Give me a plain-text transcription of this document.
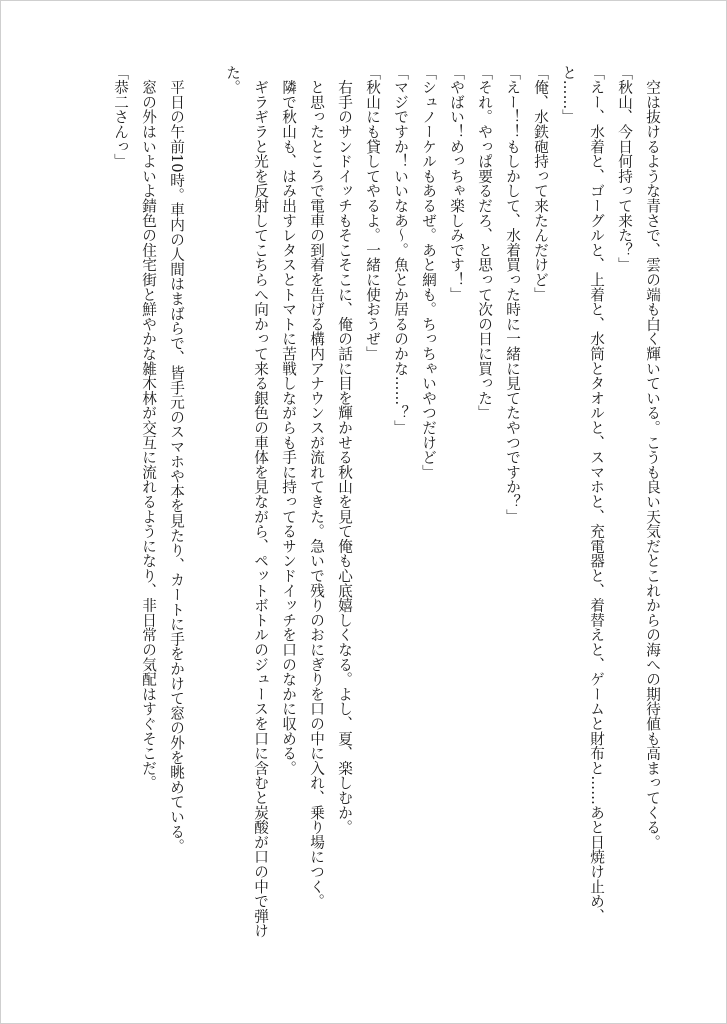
　空は抜けるような青さで、雲の端も白く輝いている。こうも良い天気だとこれからの海への期待値も高まってくる。

「秋山、今日何持って来た？」

「えー、水着と、ゴーグルと、上着と、水筒とタオルと、スマホと、充電器と、着替えと、ゲームと財布と……あと日焼け止め、

と……」

「俺、水鉄砲持って来たんだけど」

「えー！！もしかして、水着買った時に一緒に見てたやつですか？」

「それ。やっぱ要るだろ、と思って次の日に買った」

「やばい！めっちゃ楽しみです！」

「シュノーケルもあるぜ。あと網も。ちっちゃいやつだけど」

「マジですか！いいなあ～。魚とか居るのかな……？」

「秋山にも貸してやるよ。一緒に使おうぜ」

　右手のサンドイッチもそこそこに、俺の話に目を輝かせる秋山を見て俺も心底嬉しくなる。よし、夏、楽しむか。

　と思ったところで電車の到着を告げる構内アナウンスが流れてきた。急いで残りのおにぎりを口の中に入れ、乗り場につく。

　隣で秋山も、はみ出すレタスとトマトに苦戦しながらも手に持ってるサンドイッチを口のなかに収める。

　ギラギラと光を反射してこちらへ向かって来る銀色の車体を見ながら、ペットボトルのジュースを口に含むと炭酸が口の中で弾け

た。

　平日の午前10時。車内の人間はまばらで、皆手元のスマホや本を見たり、カートに手をかけて窓の外を眺めている。

　窓の外はいよいよ錆色の住宅街と鮮やかな雑木林が交互に流れるようになり、非日常の気配はすぐそこだ。

「恭二さんっ」
